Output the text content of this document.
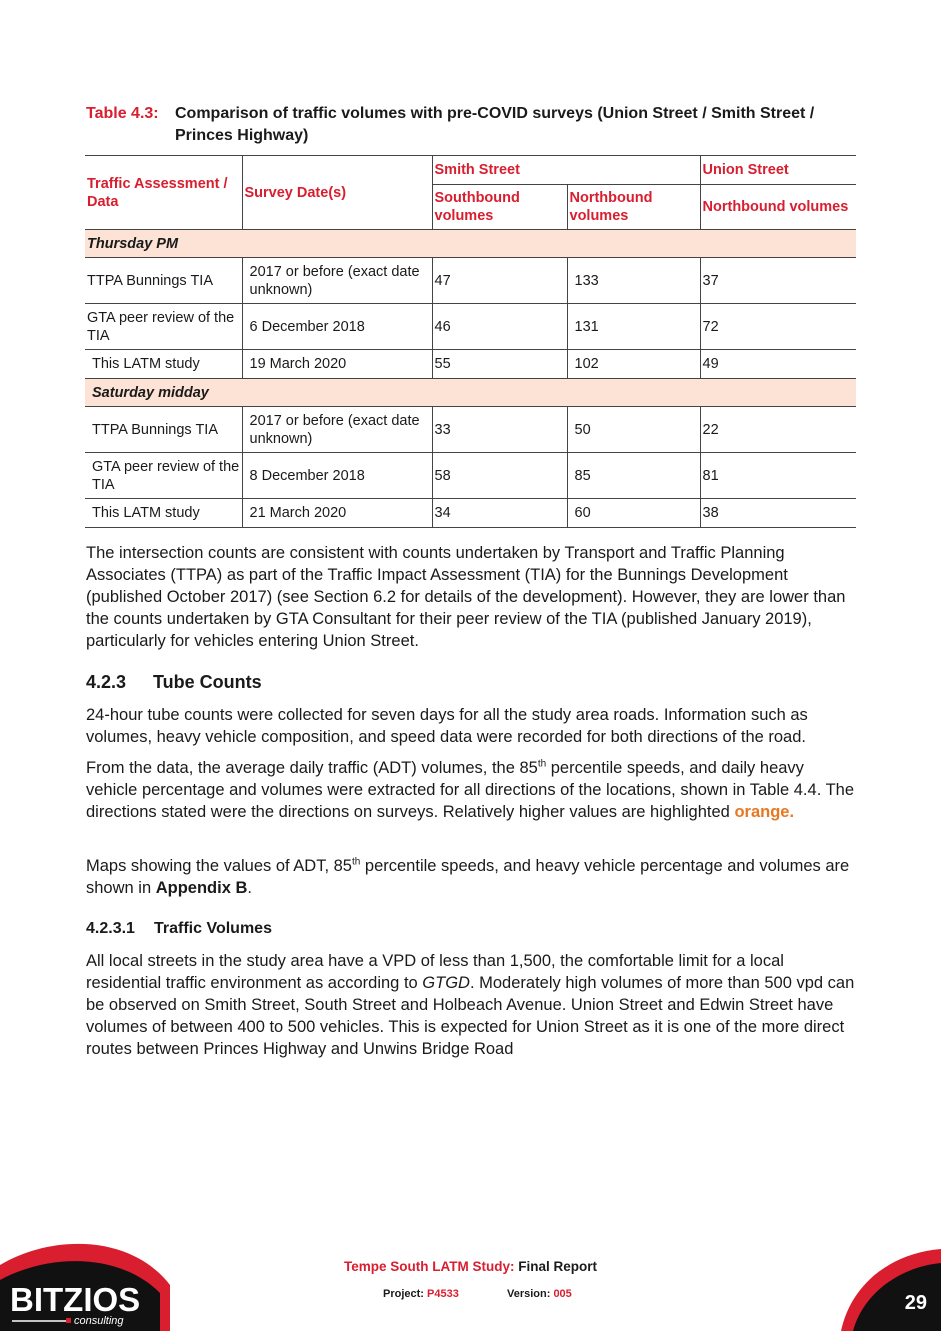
Table 4.3: Comparison of traffic volumes with pre-COVID surveys (Union Street / Smith Street / Princes Highway)
Traffic Assessment / Data	Survey Date(s)	Smith Street		Union Street
		Southbound volumes	Northbound volumes	Northbound volumes
Thursday PM				
TTPA Bunnings TIA	2017 or before (exact date unknown)	47	133	37
GTA peer review of the TIA	6 December 2018	46	131	72
This LATM study	19 March 2020	55	102	49
Saturday midday				
TTPA Bunnings TIA	2017 or before (exact date unknown)	33	50	22
GTA peer review of the TIA	8 December 2018	58	85	81
This LATM study	21 March 2020	34	60	38

The intersection counts are consistent with counts undertaken by Transport and Traffic Planning Associates (TTPA) as part of the Traffic Impact Assessment (TIA) for the Bunnings Development (published October 2017) (see Section 6.2 for details of the development). However, they are lower than the counts undertaken by GTA Consultant for their peer review of the TIA (published January 2019), particularly for vehicles entering Union Street.

4.2.3 Tube Counts

24-hour tube counts were collected for seven days for all the study area roads. Information such as volumes, heavy vehicle composition, and speed data were recorded for both directions of the road.

From the data, the average daily traffic (ADT) volumes, the 85th percentile speeds, and daily heavy vehicle percentage and volumes were extracted for all directions of the locations, shown in Table 4.4. The directions stated were the directions on surveys. Relatively higher values are highlighted orange.

Maps showing the values of ADT, 85th percentile speeds, and heavy vehicle percentage and volumes are shown in Appendix B.

4.2.3.1 Traffic Volumes

All local streets in the study area have a VPD of less than 1,500, the comfortable limit for a local residential traffic environment as according to GTGD. Moderately high volumes of more than 500 vpd can be observed on Smith Street, South Street and Holbeach Avenue. Union Street and Edwin Street have volumes of between 400 to 500 vehicles. This is expected for Union Street as it is one of the more direct routes between Princes Highway and Unwins Bridge Road

Tempe South LATM Study: Final Report
Project: P4533	Version: 005
BITZIOS
consulting
29
